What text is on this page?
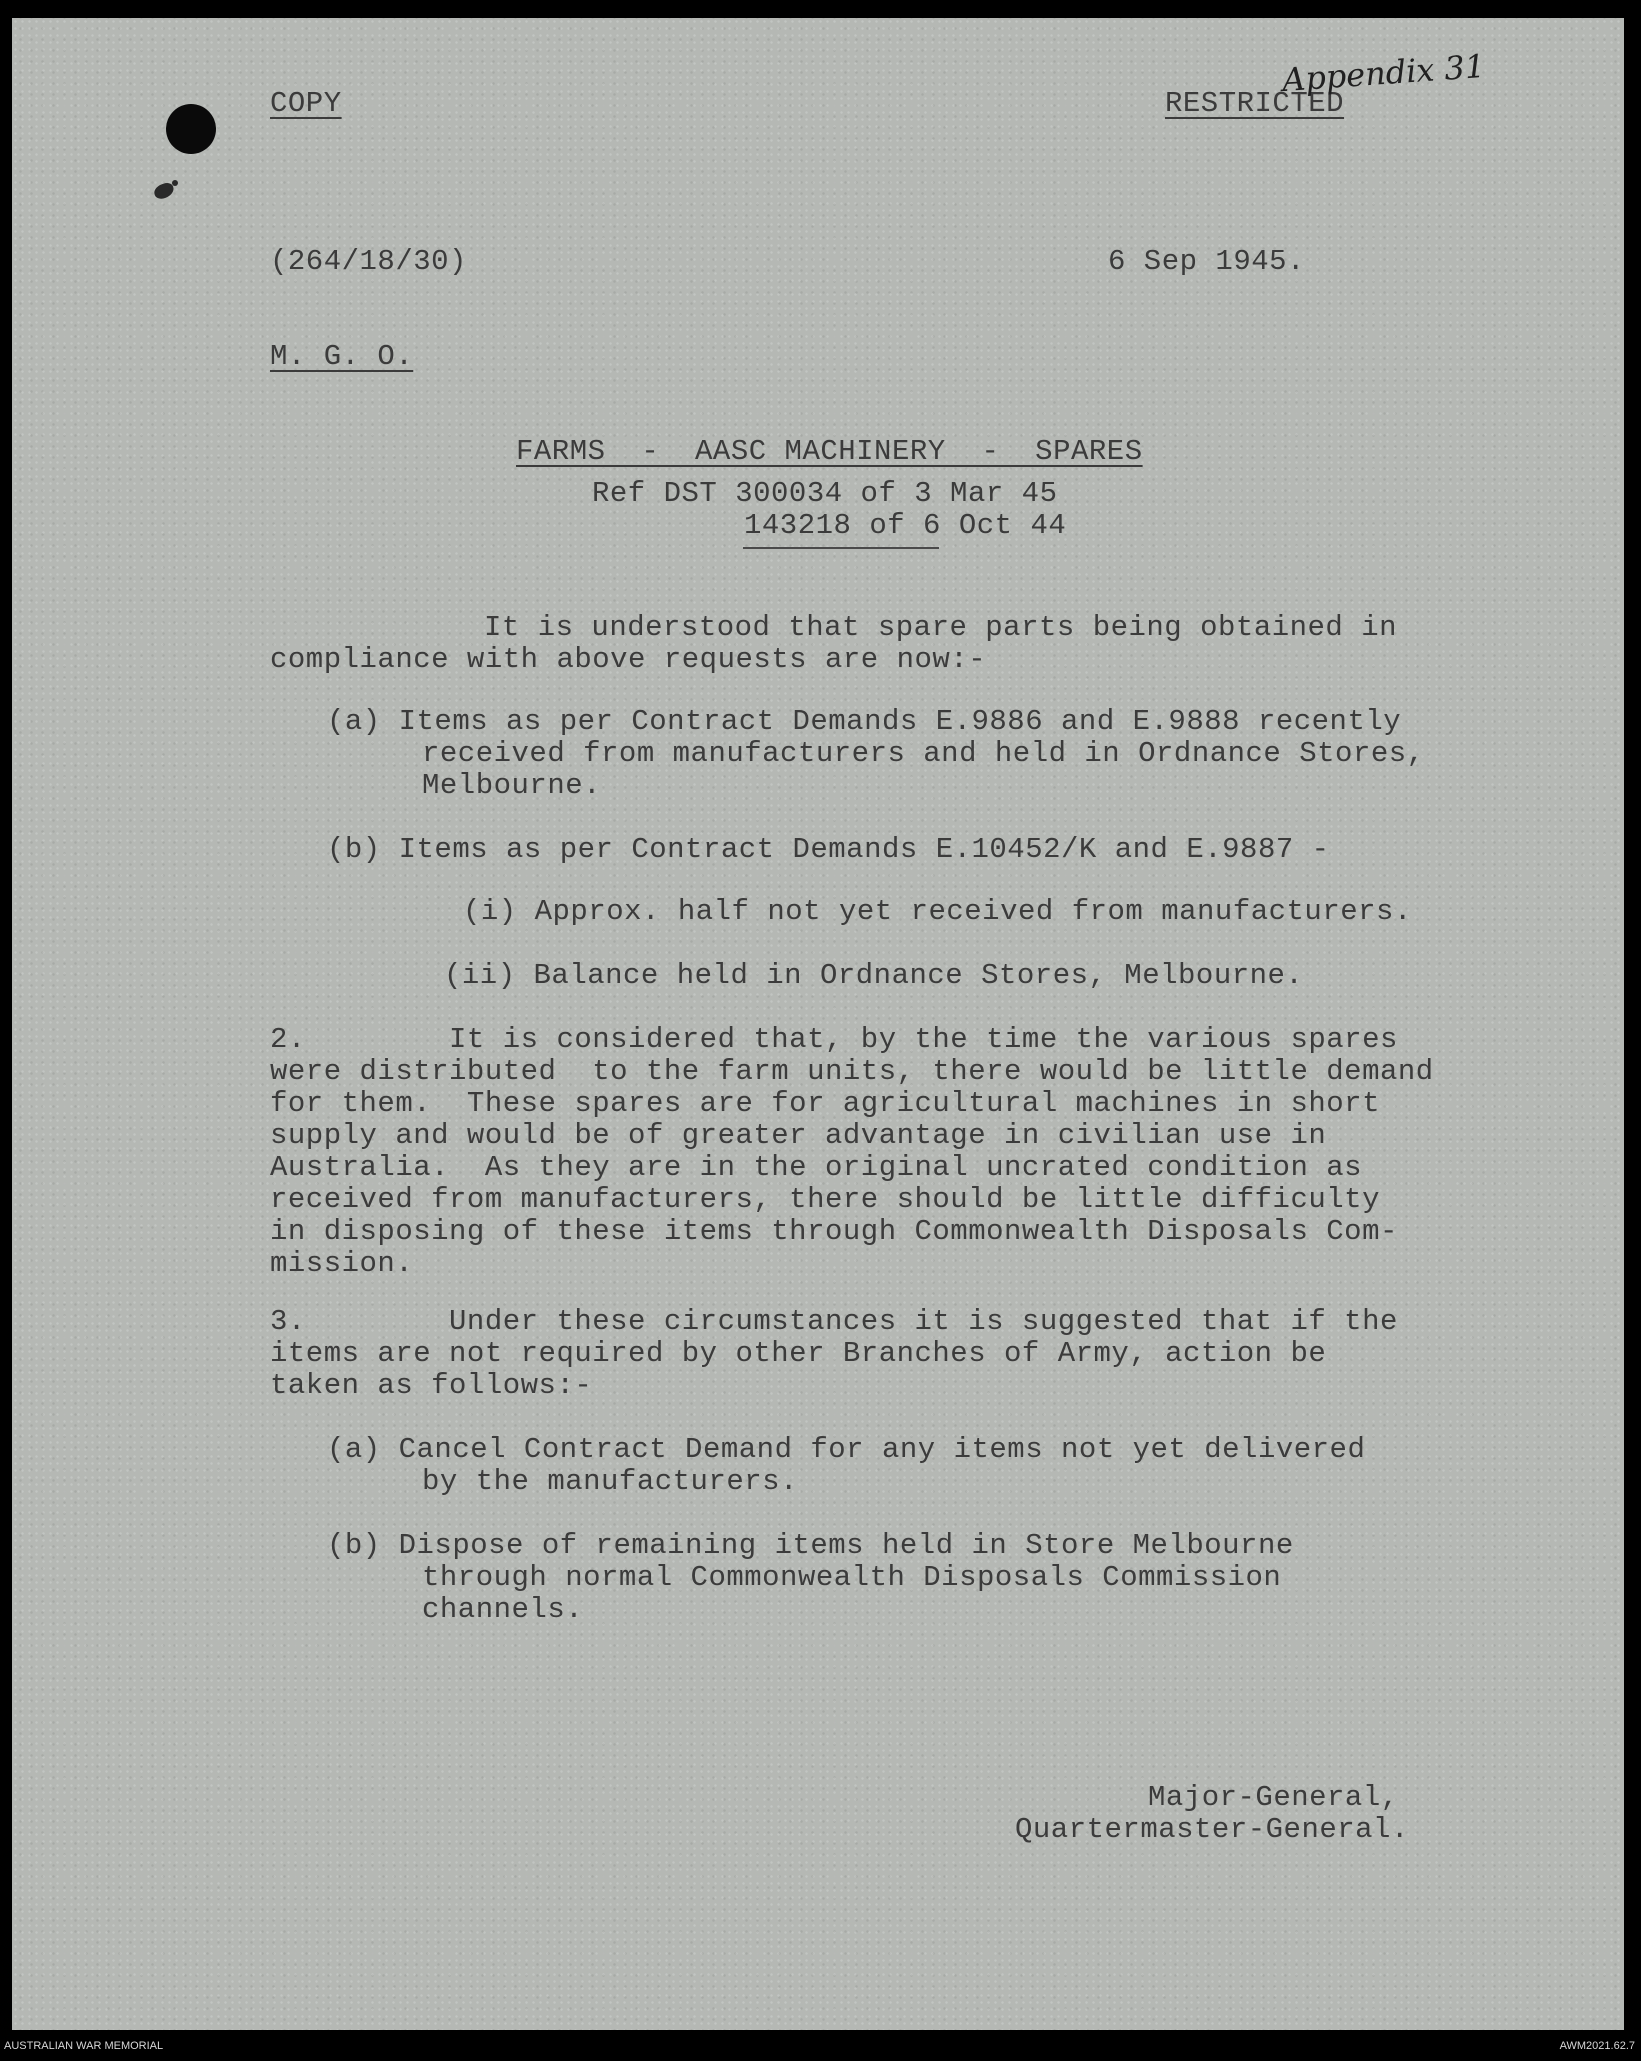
COPY	RESTRICTED

Appendix 31

(264/18/30)	6 Sep 1945.

M. G. O.

FARMS  -  AASC MACHINERY  -  SPARES

Ref DST 300034 of 3 Mar 45

143218 of 6 Oct 44

It is understood that spare parts being obtained in

compliance with above requests are now:-

(a) Items as per Contract Demands E.9886 and E.9888 recently

received from manufacturers and held in Ordnance Stores,

Melbourne.

(b) Items as per Contract Demands E.10452/K and E.9887 -

(i) Approx. half not yet received from manufacturers.

(ii) Balance held in Ordnance Stores, Melbourne.

2.        It is considered that, by the time the various spares

were distributed  to the farm units, there would be little demand

for them.  These spares are for agricultural machines in short

supply and would be of greater advantage in civilian use in

Australia.  As they are in the original uncrated condition as

received from manufacturers, there should be little difficulty

in disposing of these items through Commonwealth Disposals Com-

mission.

3.        Under these circumstances it is suggested that if the

items are not required by other Branches of Army, action be

taken as follows:-

(a) Cancel Contract Demand for any items not yet delivered

by the manufacturers.

(b) Dispose of remaining items held in Store Melbourne

through normal Commonwealth Disposals Commission

channels.

Major-General,

Quartermaster-General.

AUSTRALIAN WAR MEMORIAL	AWM2021.62.7
